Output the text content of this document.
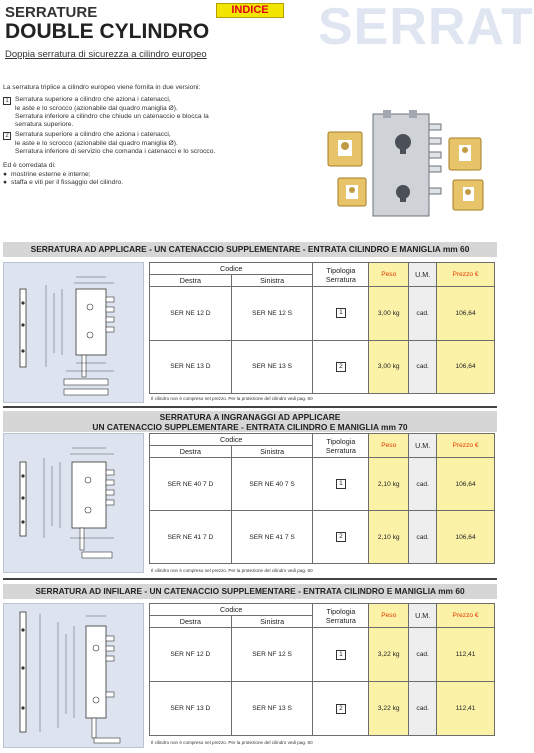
SERRAT
SERRATURE
DOUBLE CYLINDRO
INDICE
Doppia serratura di sicurezza a cilindro europeo
La serratura triplice a cilindro europeo viene fornita in due versioni:
1 Serratura superiore a cilindro che aziona i catenacci,
le aste e lo scrocco (azionabile dal quadro maniglia Ø).
Serratura inferiore a cilindro che chiude un catenaccio e blocca la
serratura superiore.
2 Serratura superiore a cilindro che aziona i catenacci,
le aste e lo scrocco (azionabile dal quadro maniglia Ø).
Serratura inferiore di servizio che comanda i catenacci e lo scrocco.
Ed è corredata di:
● mostrine esterne e interne;
● staffa e viti per il fissaggio del cilindro.
SERRATURA AD APPLICARE - UN CATENACCIO SUPPLEMENTARE - ENTRATA CILINDRO E MANIGLIA mm 60
Codice		Tipologia Serratura	Peso	U.M.	Prezzo €
Destra	Sinistra				
SER NE 12 D	SER NE 12 S	1	3,00 kg	cad.	106,64
SER NE 13 D	SER NE 13 S	2	3,00 kg	cad.	106,64
Il cilindro non è compreso nel prezzo. Per la protezione del cilindro vedi pag. 60
SERRATURA A INGRANAGGI AD APPLICARE
UN CATENACCIO SUPPLEMENTARE - ENTRATA CILINDRO E MANIGLIA mm 70
Codice		Tipologia Serratura	Peso	U.M.	Prezzo €
Destra	Sinistra				
SER NE 40 7 D	SER NE 40 7 S	1	2,10 kg	cad.	106,64
SER NE 41 7 D	SER NE 41 7 S	2	2,10 kg	cad.	106,64
Il cilindro non è compreso nel prezzo. Per la protezione del cilindro vedi pag. 60
SERRATURA AD INFILARE - UN CATENACCIO SUPPLEMENTARE - ENTRATA CILINDRO E MANIGLIA mm 60
Codice		Tipologia Serratura	Peso	U.M.	Prezzo €
Destra	Sinistra				
SER NF 12 D	SER NF 12 S	1	3,22 kg	cad.	112,41
SER NF 13 D	SER NF 13 S	2	3,22 kg	cad.	112,41
Il cilindro non è compreso nel prezzo. Per la protezione del cilindro vedi pag. 60
